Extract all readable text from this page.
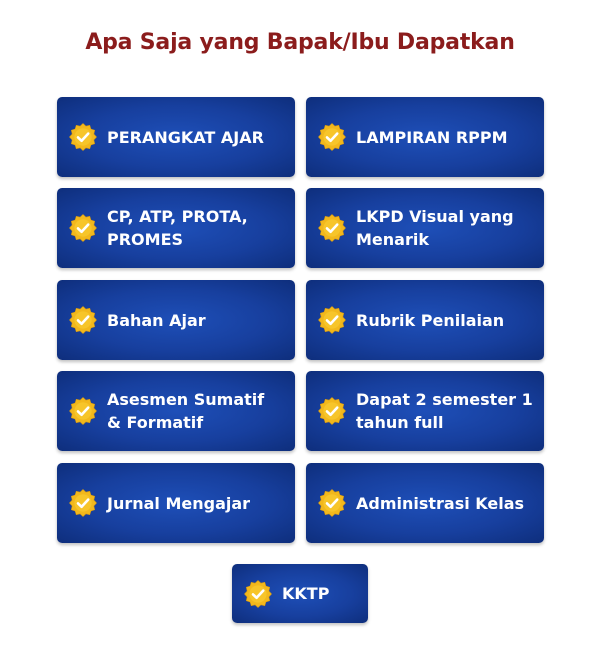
Apa Saja yang Bapak/Ibu Dapatkan
PERANGKAT AJAR	LAMPIRAN RPPM
CP, ATP, PROTA, PROMES
LKPD Visual yang Menarik
Bahan Ajar	Rubrik Penilaian
Asesmen Sumatif & Formatif
Dapat 2 semester 1 tahun full
Jurnal Mengajar	Administrasi Kelas
KKTP
